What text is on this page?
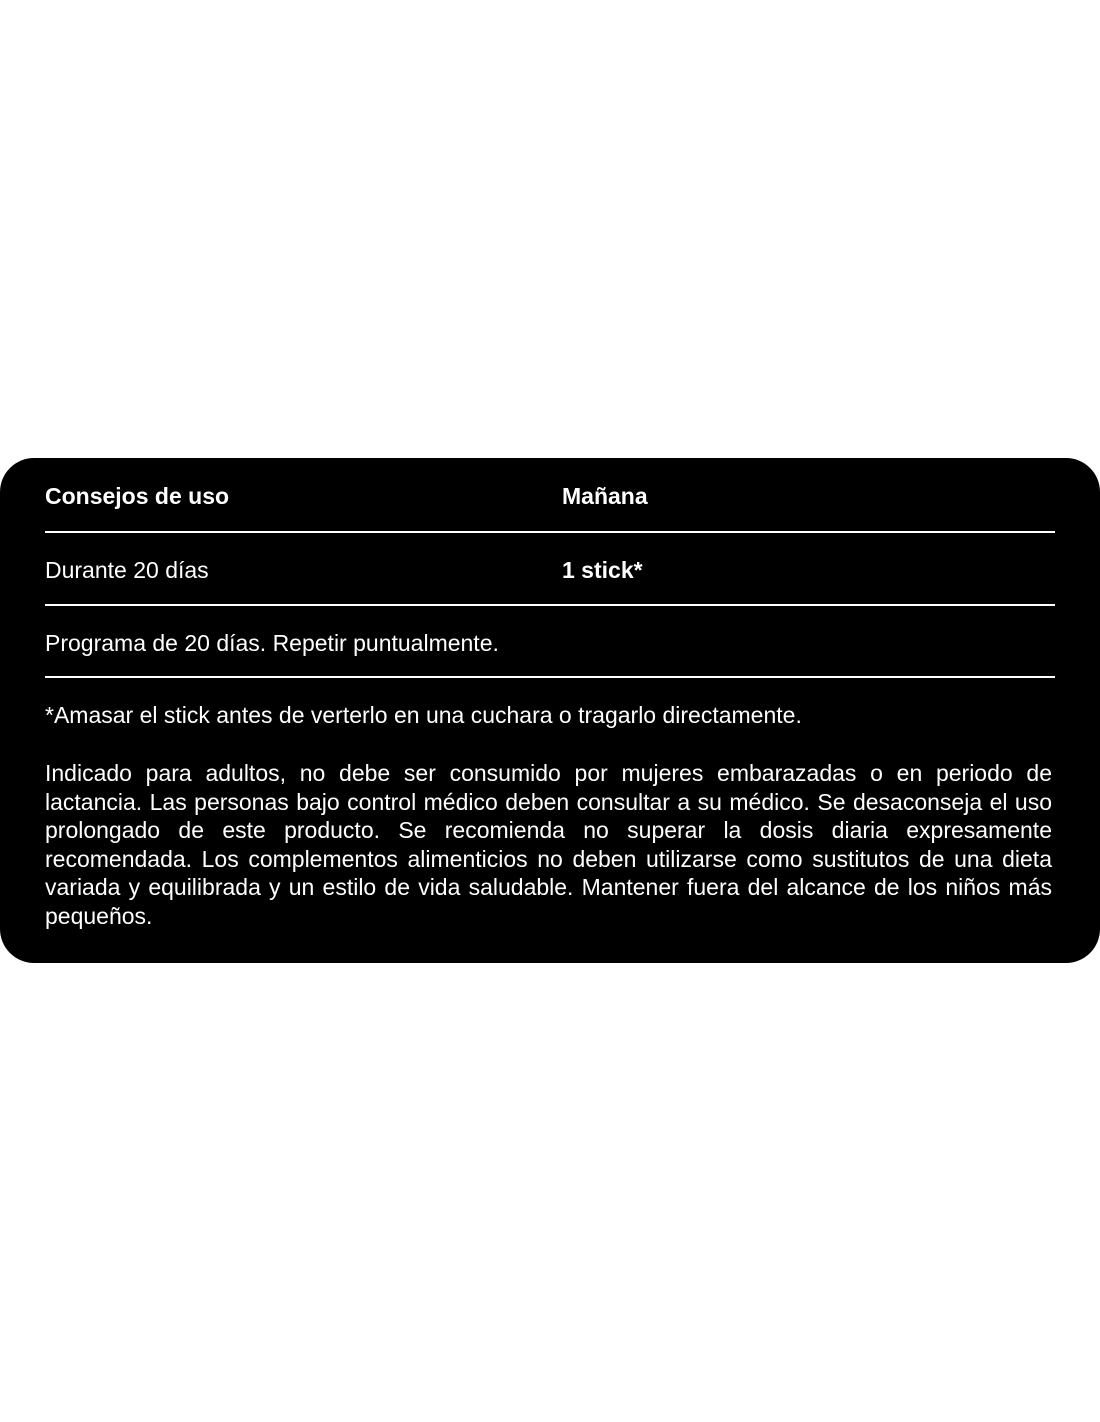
Consejos de uso	Mañana
Durante 20 días	1 stick*
Programa de 20 días. Repetir puntualmente.
*Amasar el stick antes de verterlo en una cuchara o tragarlo directamente.
Indicado para adultos, no debe ser consumido por mujeres embarazadas o en periodo de lactancia. Las personas bajo control médico deben consultar a su médico. Se desaconseja el uso prolongado de este producto. Se recomienda no superar la dosis diaria expresamente recomendada. Los complementos alimenticios no deben utilizarse como sustitutos de una dieta variada y equilibrada y un estilo de vida saludable. Mantener fuera del alcance de los niños más pequeños.
